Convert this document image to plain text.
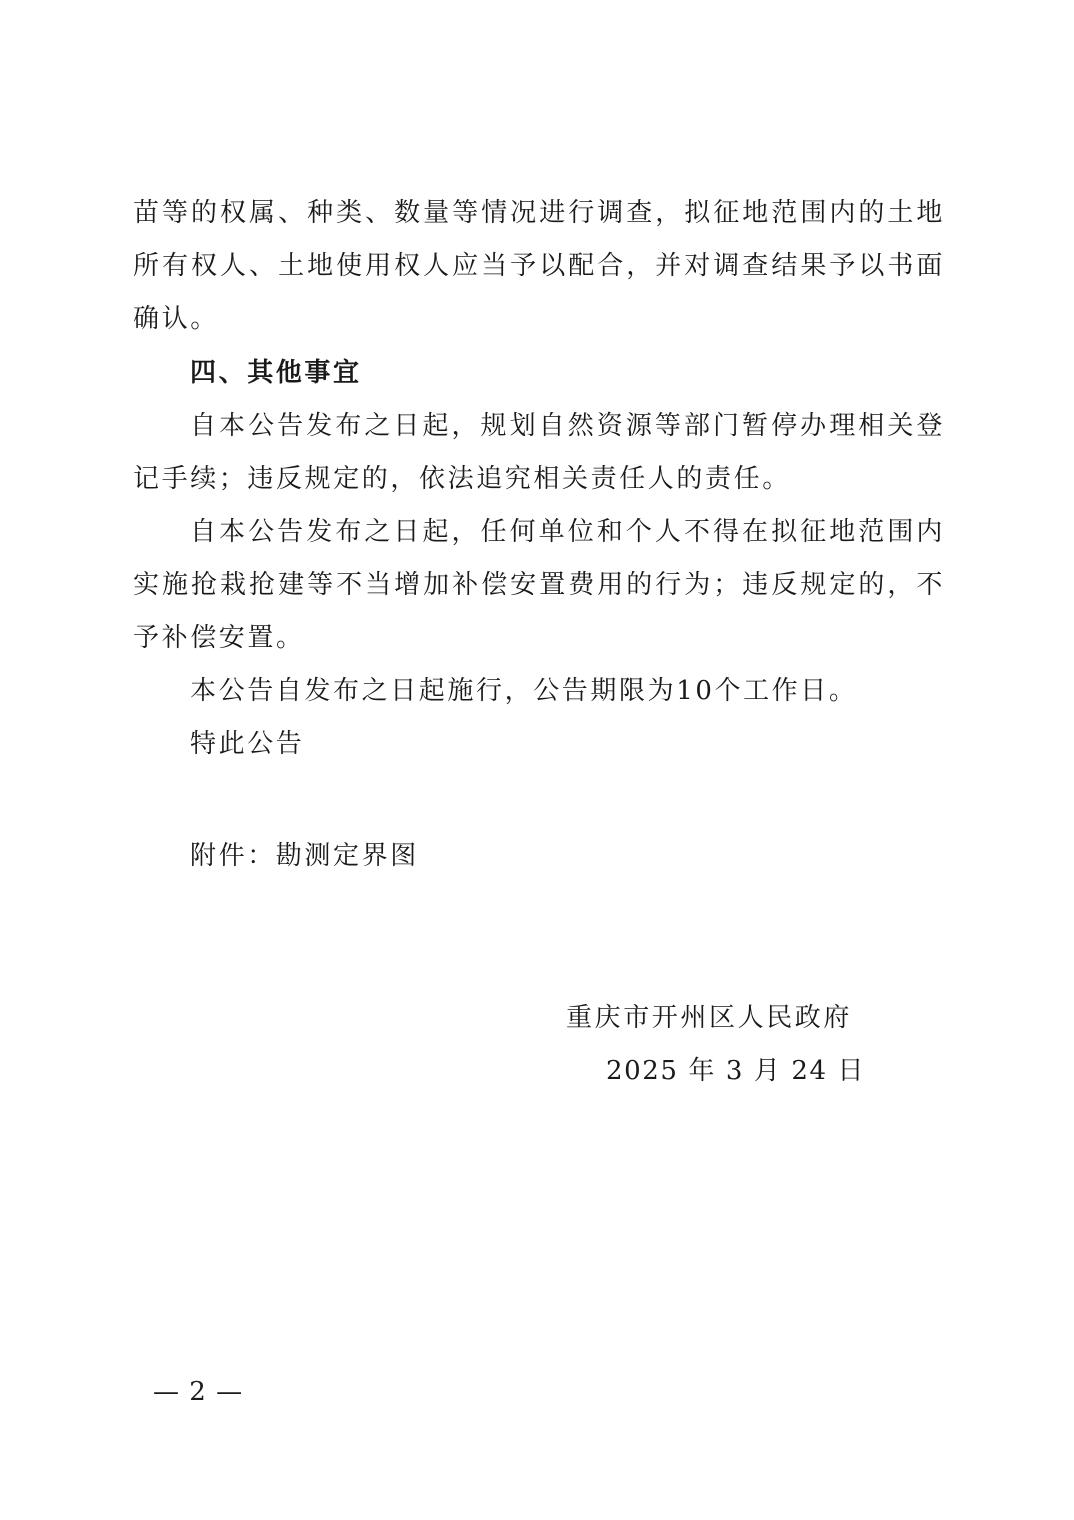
苗等的权属、种类、数量等情况进行调查，拟征地范围内的土地所有权人、土地使用权人应当予以配合，并对调查结果予以书面确认。

四、其他事宜

自本公告发布之日起，规划自然资源等部门暂停办理相关登记手续；违反规定的，依法追究相关责任人的责任。

自本公告发布之日起，任何单位和个人不得在拟征地范围内实施抢栽抢建等不当增加补偿安置费用的行为；违反规定的，不予补偿安置。

本公告自发布之日起施行，公告期限为10个工作日。

特此公告

附件：勘测定界图
重庆市开州区人民政府
2025 年 3 月 24 日
— 2 —
